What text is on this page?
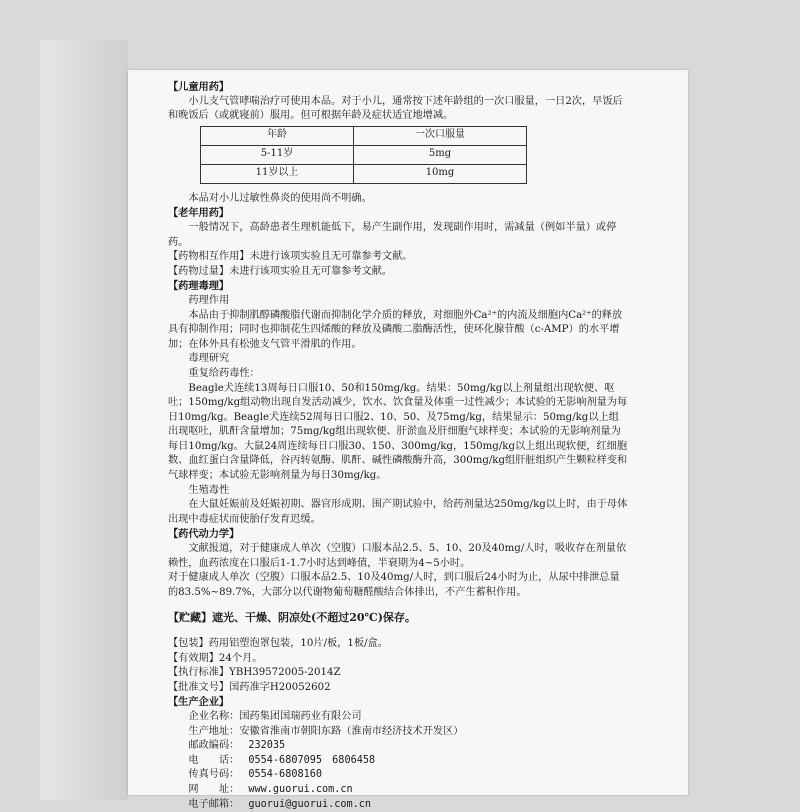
【儿童用药】

小儿支气管哮喘治疗可使用本品。对于小儿，通常按下述年龄组的一次口服量，一日2次，早饭后和晚饭后（或就寝前）服用。但可根据年龄及症状适宜地增减。

年龄	一次口服量
5-11岁	5mg
11岁以上	10mg

本品对小儿过敏性鼻炎的使用尚不明确。

【老年用药】

一般情况下，高龄患者生理机能低下，易产生副作用，发现副作用时，需减量（例如半量）或停药。

【药物相互作用】未进行该项实验且无可靠参考文献。

【药物过量】未进行该项实验且无可靠参考文献。

【药理毒理】

药理作用

本品由于抑制肌醇磷酸脂代谢而抑制化学介质的释放，对细胞外Ca²⁺的内流及细胞内Ca²⁺的释放具有抑制作用；同时也抑制花生四烯酸的释放及磷酸二脂酶活性，使环化腺苷酸（c-AMP）的水平增加；在体外具有松弛支气管平滑肌的作用。

毒理研究

重复给药毒性：

Beagle犬连续13周每日口服10、50和150mg/kg。结果：50mg/kg以上剂量组出现软便、呕吐；150mg/kg组动物出现自发活动减少，饮水、饮食量及体重一过性减少；本试验的无影响剂量为每日10mg/kg。Beagle犬连续52周每日口服2、10、50、及75mg/kg，结果显示：50mg/kg以上组出现呕吐，肌酐含量增加；75mg/kg组出现软便、肝淤血及肝细胞气球样变；本试验的无影响剂量为每日10mg/kg。大鼠24周连续每日口服30、150、300mg/kg，150mg/kg以上组出现软便，红细胞数、血红蛋白含量降低，谷丙转氨酶、肌酐、碱性磷酸酶升高，300mg/kg组肝脏组织产生颗粒样变和气球样变；本试验无影响剂量为每日30mg/kg。

生殖毒性

在大鼠妊娠前及妊娠初期、器官形成期、围产期试验中，给药剂量达250mg/kg以上时，由于母体出现中毒症状而使胎仔发育迟缓。

【药代动力学】

文献报道，对于健康成人单次（空腹）口服本品2.5、5、10、20及40mg/人时，吸收存在剂量依赖性，血药浓度在口服后1-1.7小时达到峰值，半衰期为4~5小时。

对于健康成人单次（空腹）口服本品2.5、10及40mg/人时，到口服后24小时为止，从尿中排泄总量的83.5%~89.7%，大部分以代谢物葡萄糖醛酸结合体排出，不产生蓄积作用。

【贮藏】遮光、干燥、阴凉处(不超过20℃)保存。

【包装】药用铝塑泡罩包装，10片/板，1板/盒。

【有效期】24个月。

【执行标准】YBH39572005-2014Z

【批准文号】国药准字H20052602

【生产企业】

企业名称：国药集团国瑞药业有限公司

生产地址：安徽省淮南市朝阳东路（淮南市经济技术开发区）

邮政编码： 232035

电　　话： 0554-6807095　6806458

传真号码： 0554-6808160

网　　址： www.guorui.com.cn

电子邮箱： guorui@guorui.com.cn
